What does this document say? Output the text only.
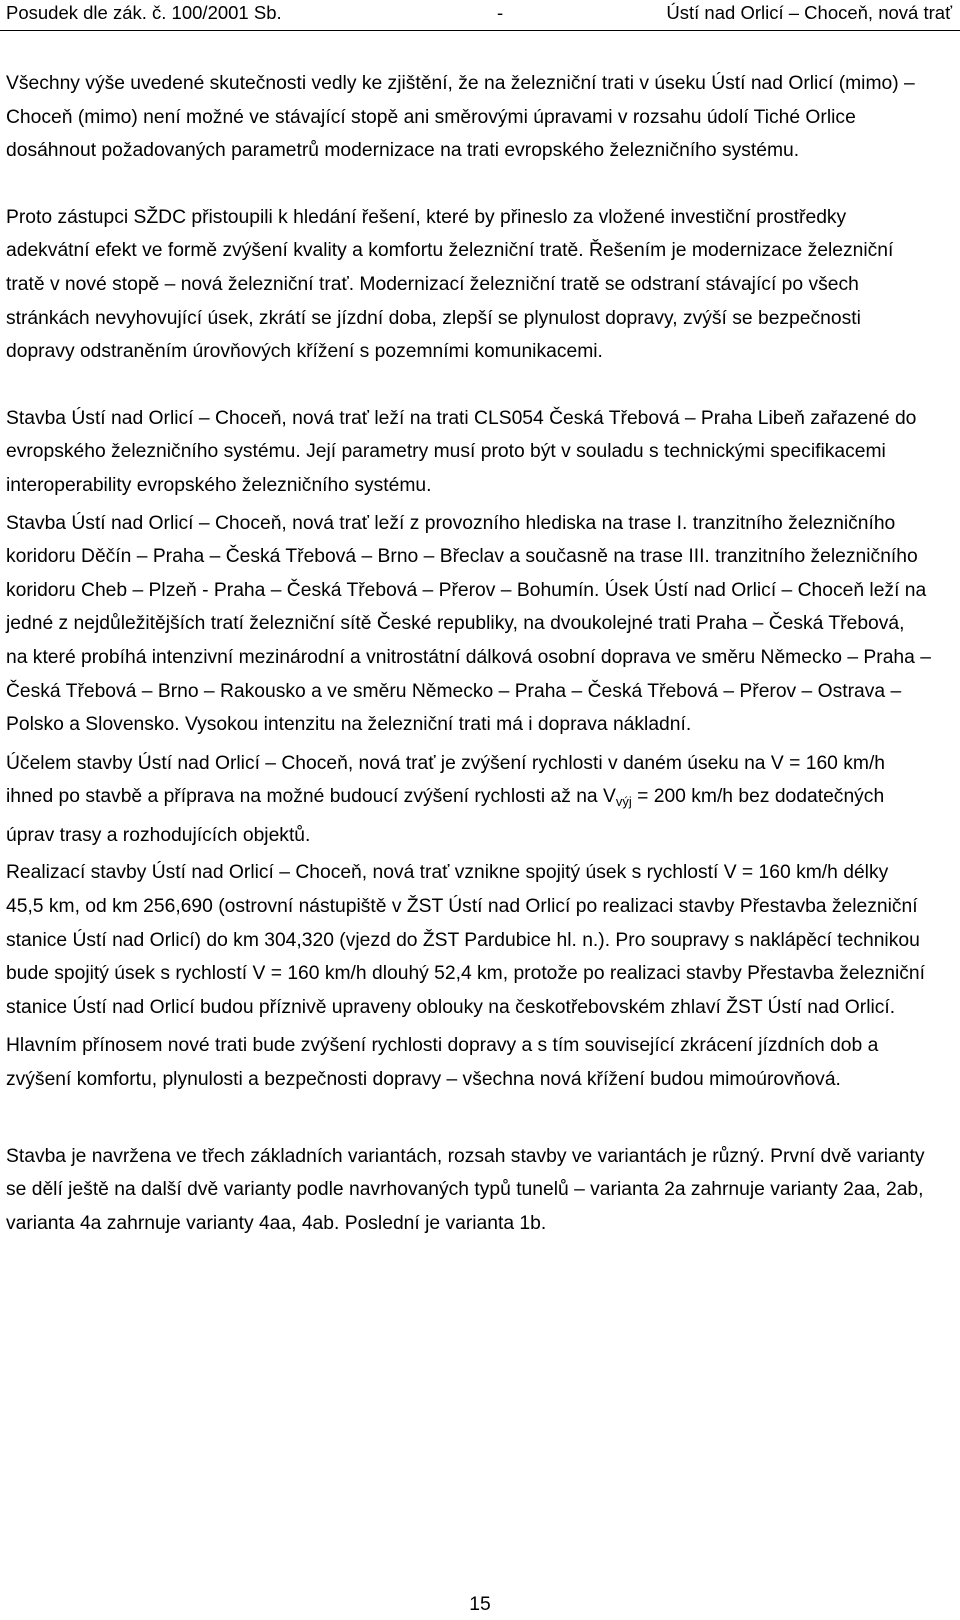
Posudek dle zák. č. 100/2001 Sb.	-	Ústí nad Orlicí – Choceň, nová trať

Všechny výše uvedené skutečnosti vedly ke zjištění, že na železniční trati v úseku Ústí nad Orlicí (mimo) – Choceň (mimo) není možné ve stávající stopě ani směrovými úpravami v rozsahu údolí Tiché Orlice dosáhnout požadovaných parametrů modernizace na trati evropského železničního systému.

Proto zástupci SŽDC přistoupili k hledání řešení, které by přineslo za vložené investiční prostředky adekvátní efekt ve formě zvýšení kvality a komfortu železniční tratě. Řešením je modernizace železniční tratě v nové stopě – nová železniční trať. Modernizací železniční tratě se odstraní stávající po všech stránkách nevyhovující úsek, zkrátí se jízdní doba, zlepší se plynulost dopravy, zvýší se bezpečnosti dopravy odstraněním úrovňových křížení s pozemními komunikacemi.

Stavba Ústí nad Orlicí – Choceň, nová trať leží na trati CLS054 Česká Třebová – Praha Libeň zařazené do evropského železničního systému. Její parametry musí proto být v souladu s technickými specifikacemi interoperability evropského železničního systému.

Stavba Ústí nad Orlicí – Choceň, nová trať leží z provozního hlediska na trase I. tranzitního železničního koridoru Děčín – Praha – Česká Třebová – Brno – Břeclav a současně na trase III. tranzitního železničního koridoru Cheb – Plzeň - Praha – Česká Třebová – Přerov – Bohumín. Úsek Ústí nad Orlicí – Choceň leží na jedné z nejdůležitějších tratí železniční sítě České republiky, na dvoukolejné trati Praha – Česká Třebová, na které probíhá intenzivní mezinárodní a vnitrostátní dálková osobní doprava ve směru Německo – Praha – Česká Třebová – Brno – Rakousko a ve směru Německo – Praha – Česká Třebová – Přerov – Ostrava – Polsko a Slovensko. Vysokou intenzitu na železniční trati má i doprava nákladní.

Účelem stavby Ústí nad Orlicí – Choceň, nová trať je zvýšení rychlosti v daném úseku na V = 160 km/h ihned po stavbě a příprava na možné budoucí zvýšení rychlosti až na $V_{výj} = 200$ km/h bez dodatečných úprav trasy a rozhodujících objektů.

Realizací stavby Ústí nad Orlicí – Choceň, nová trať vznikne spojitý úsek s rychlostí V = 160 km/h délky 45,5 km, od km 256,690 (ostrovní nástupiště v ŽST Ústí nad Orlicí po realizaci stavby Přestavba železniční stanice Ústí nad Orlicí) do km 304,320 (vjezd do ŽST Pardubice hl. n.). Pro soupravy s naklápěcí technikou bude spojitý úsek s rychlostí V = 160 km/h dlouhý 52,4 km, protože po realizaci stavby Přestavba železniční stanice Ústí nad Orlicí budou příznivě upraveny oblouky na českotřebovském zhlaví ŽST Ústí nad Orlicí.

Hlavním přínosem nové trati bude zvýšení rychlosti dopravy a s tím související zkrácení jízdních dob a zvýšení komfortu, plynulosti a bezpečnosti dopravy – všechna nová křížení budou mimoúrovňová.

Stavba je navržena ve třech základních variantách, rozsah stavby ve variantách je různý. První dvě varianty se dělí ještě na další dvě varianty podle navrhovaných typů tunelů – varianta 2a zahrnuje varianty 2aa, 2ab, varianta 4a zahrnuje varianty 4aa, 4ab. Poslední je varianta 1b.

15
